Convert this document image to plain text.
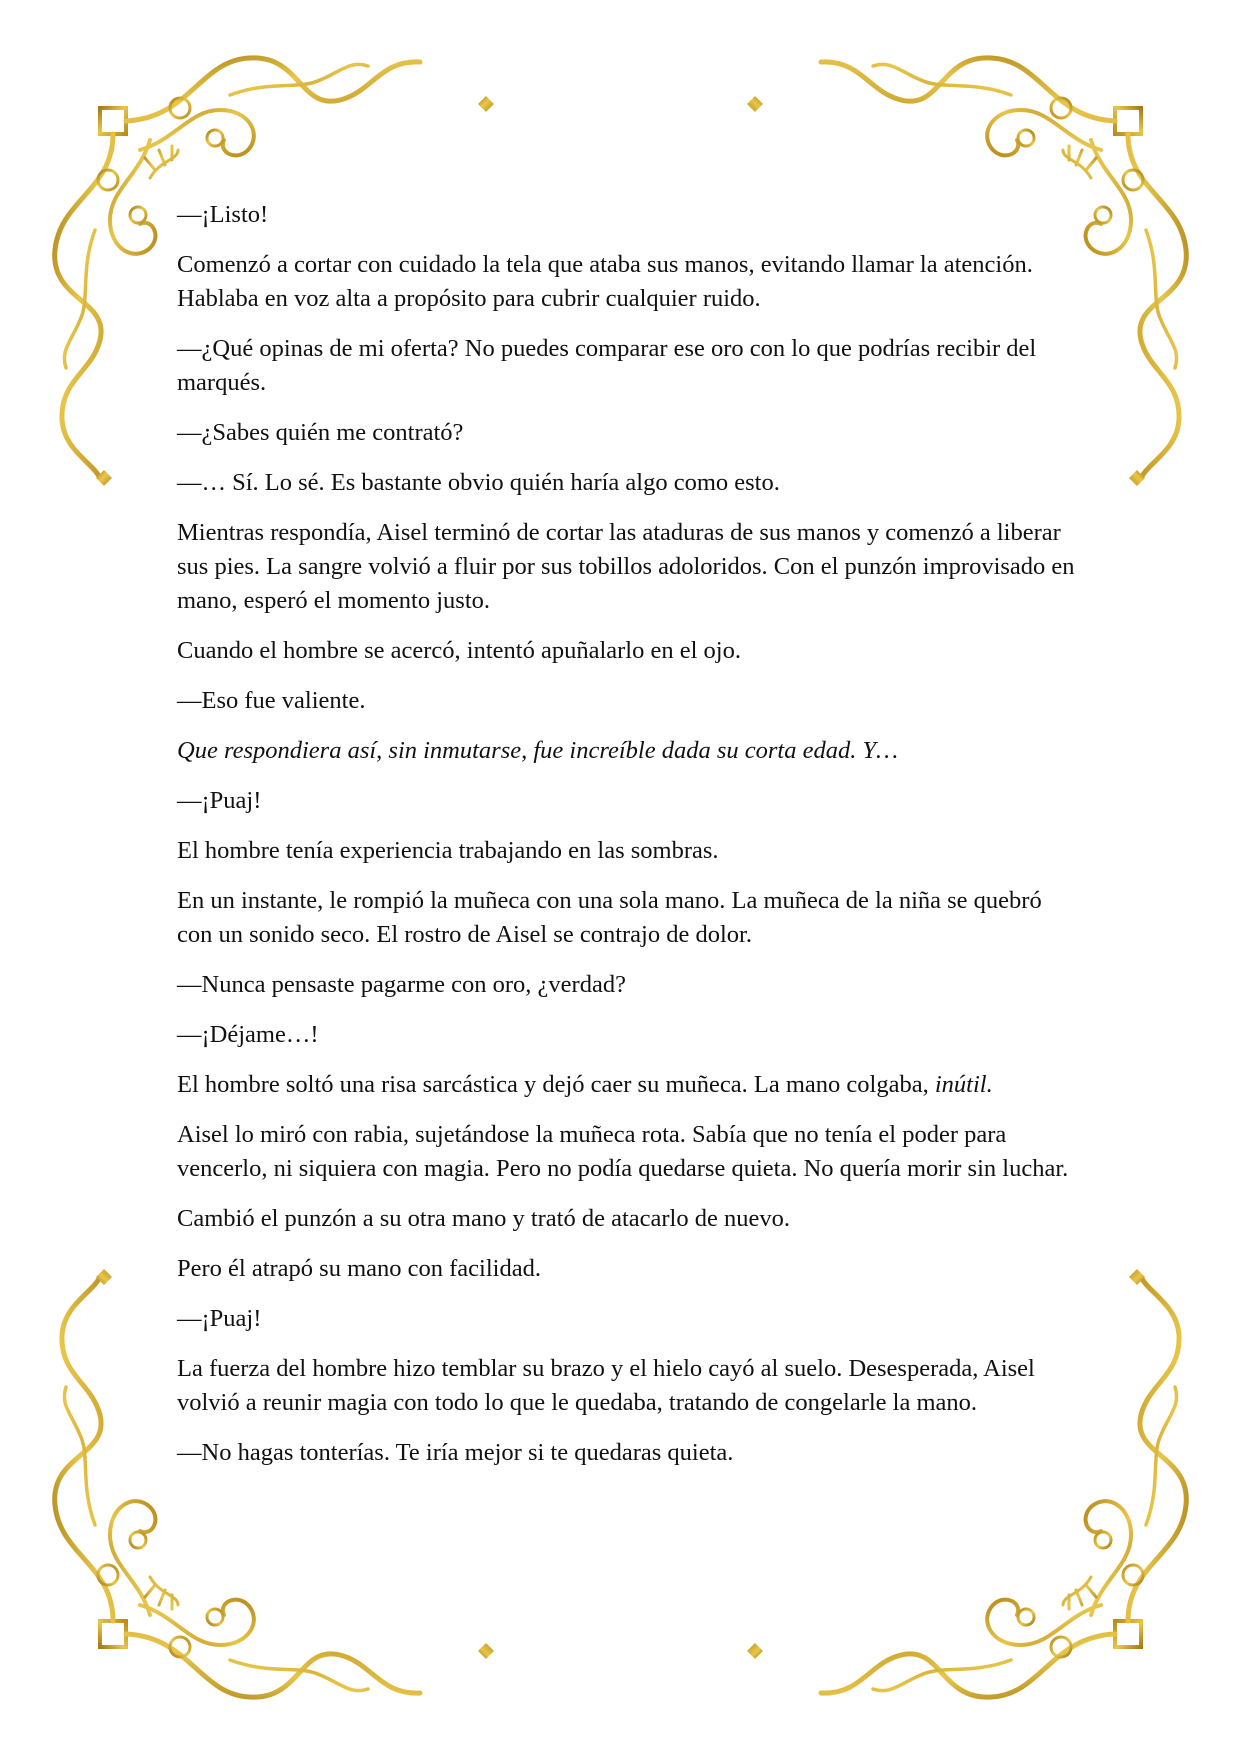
—¡Listo!

Comenzó a cortar con cuidado la tela que ataba sus manos, evitando llamar la atención. Hablaba en voz alta a propósito para cubrir cualquier ruido.

—¿Qué opinas de mi oferta? No puedes comparar ese oro con lo que podrías recibir del marqués.

—¿Sabes quién me contrató?

—… Sí. Lo sé. Es bastante obvio quién haría algo como esto.

Mientras respondía, Aisel terminó de cortar las ataduras de sus manos y comenzó a liberar sus pies. La sangre volvió a fluir por sus tobillos adoloridos. Con el punzón improvisado en mano, esperó el momento justo.

Cuando el hombre se acercó, intentó apuñalarlo en el ojo.

—Eso fue valiente.

Que respondiera así, sin inmutarse, fue increíble dada su corta edad. Y…

—¡Puaj!

El hombre tenía experiencia trabajando en las sombras.

En un instante, le rompió la muñeca con una sola mano. La muñeca de la niña se quebró con un sonido seco. El rostro de Aisel se contrajo de dolor.

—Nunca pensaste pagarme con oro, ¿verdad?

—¡Déjame…!

El hombre soltó una risa sarcástica y dejó caer su muñeca. La mano colgaba, inútil.

Aisel lo miró con rabia, sujetándose la muñeca rota. Sabía que no tenía el poder para vencerlo, ni siquiera con magia. Pero no podía quedarse quieta. No quería morir sin luchar.

Cambió el punzón a su otra mano y trató de atacarlo de nuevo.

Pero él atrapó su mano con facilidad.

—¡Puaj!

La fuerza del hombre hizo temblar su brazo y el hielo cayó al suelo. Desesperada, Aisel volvió a reunir magia con todo lo que le quedaba, tratando de congelarle la mano.

—No hagas tonterías. Te iría mejor si te quedaras quieta.
